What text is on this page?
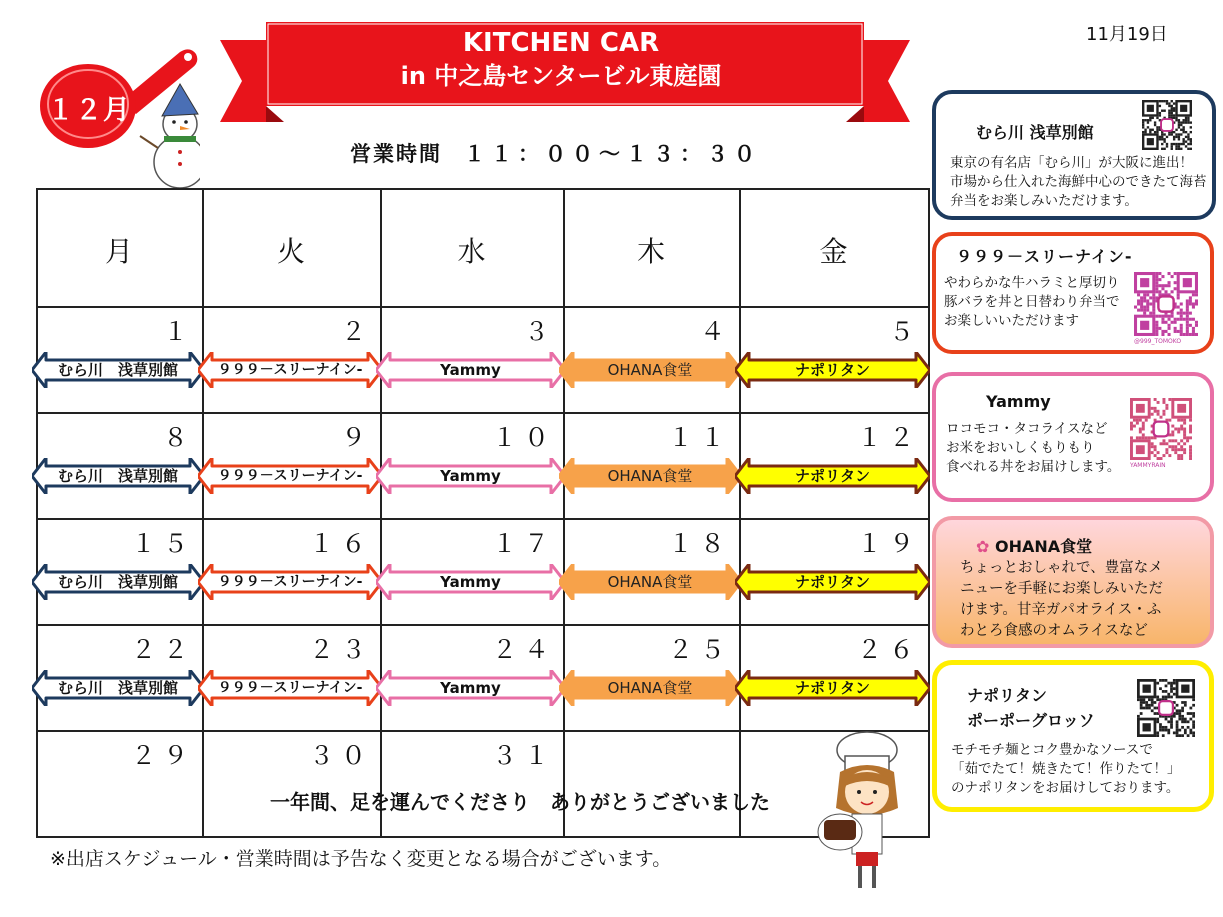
11月19日
１２月
KITCHEN CAR
in 中之島センタービル東庭園
営業時間 １１：００～１３：３０
月	火	水	木	金
１	２	３	４	５
むら川　浅草別館	９９９－スリーナイン-	Yammy	OHANA食堂	ナポリタン
８	９	１０	１１	１２
むら川　浅草別館	９９９－スリーナイン-	Yammy	OHANA食堂	ナポリタン
１５	１６	１７	１８	１９
むら川　浅草別館	９９９－スリーナイン-	Yammy	OHANA食堂	ナポリタン
２２	２３	２４	２５	２６
むら川　浅草別館	９９９－スリーナイン-	Yammy	OHANA食堂	ナポリタン
２９	３０	３１
一年間、足を運んでくださり　ありがとうございました
※出店スケジュール・営業時間は予告なく変更となる場合がございます。
むら川 浅草別館
東京の有名店「むら川」が大阪に進出！
市場から仕入れた海鮮中心のできたて海苔
弁当をお楽しみいただけます。
９９９－スリーナイン-
やわらかな牛ハラミと厚切り
豚バラを丼と日替わり弁当で
お楽しいいただけます
@999_TOMOKO
Yammy
ロコモコ・タコライスなど
お米をおいしくもりもり
食べれる丼をお届けします。 YAMMYRAIN
✿ OHANA食堂
ちょっとおしゃれで、豊富なメ
ニューを手軽にお楽しみいただ
けます。甘辛ガパオライス・ふ
わとろ食感のオムライスなど
ナポリタン
ポーポーグロッソ
モチモチ麺とコク豊かなソースで
「茹でたて！焼きたて！作りたて！」
のナポリタンをお届けしております。
